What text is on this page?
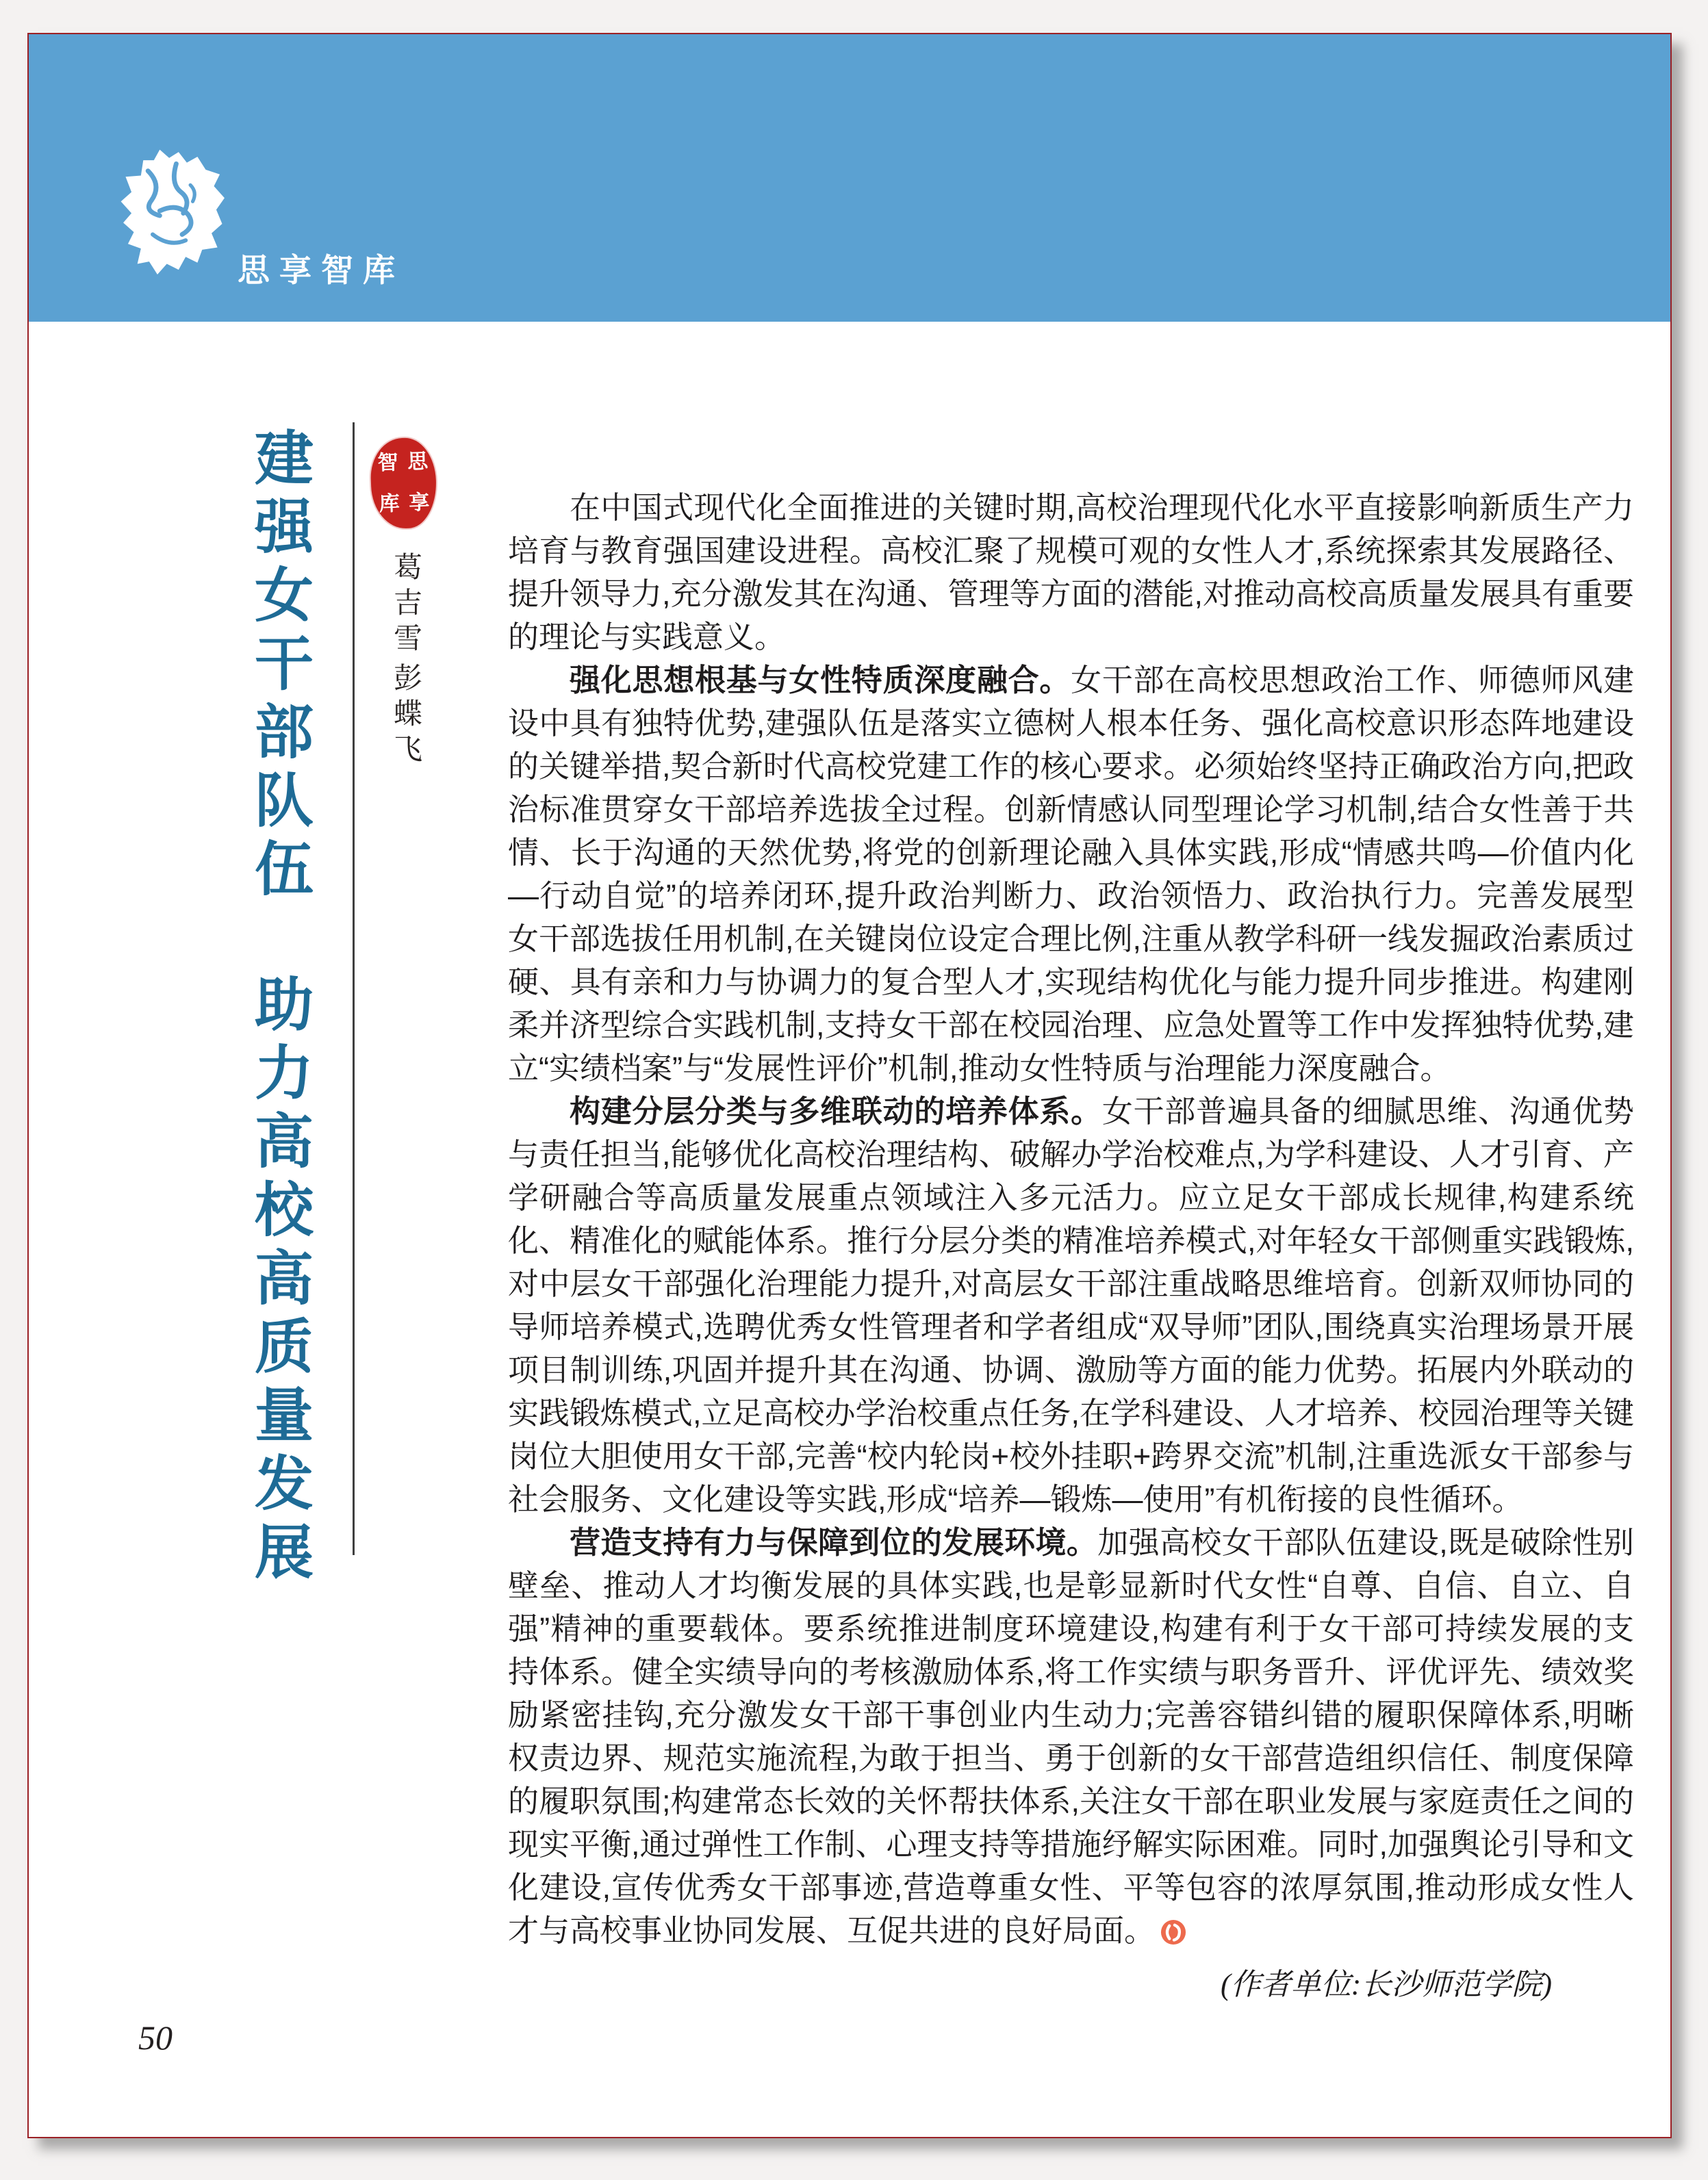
思享智库
建强女干部队伍
助力高校高质量发展
思
智
享
库
葛吉雪
彭蝶飞

在中国式现代化全面推进的关键时期,高校治理现代化水平直接影响新质生产力培育与教育强国建设进程。高校汇聚了规模可观的女性人才,系统探索其发展路径、提升领导力,充分激发其在沟通、管理等方面的潜能,对推动高校高质量发展具有重要的理论与实践意义。

强化思想根基与女性特质深度融合。女干部在高校思想政治工作、师德师风建设中具有独特优势,建强队伍是落实立德树人根本任务、强化高校意识形态阵地建设的关键举措,契合新时代高校党建工作的核心要求。必须始终坚持正确政治方向,把政治标准贯穿女干部培养选拔全过程。创新情感认同型理论学习机制,结合女性善于共情、长于沟通的天然优势,将党的创新理论融入具体实践,形成“情感共鸣—价值内化—行动自觉”的培养闭环,提升政治判断力、政治领悟力、政治执行力。完善发展型女干部选拔任用机制,在关键岗位设定合理比例,注重从教学科研一线发掘政治素质过硬、具有亲和力与协调力的复合型人才,实现结构优化与能力提升同步推进。构建刚柔并济型综合实践机制,支持女干部在校园治理、应急处置等工作中发挥独特优势,建立“实绩档案”与“发展性评价”机制,推动女性特质与治理能力深度融合。

构建分层分类与多维联动的培养体系。女干部普遍具备的细腻思维、沟通优势与责任担当,能够优化高校治理结构、破解办学治校难点,为学科建设、人才引育、产学研融合等高质量发展重点领域注入多元活力。应立足女干部成长规律,构建系统化、精准化的赋能体系。推行分层分类的精准培养模式,对年轻女干部侧重实践锻炼,对中层女干部强化治理能力提升,对高层女干部注重战略思维培育。创新双师协同的导师培养模式,选聘优秀女性管理者和学者组成“双导师”团队,围绕真实治理场景开展项目制训练,巩固并提升其在沟通、协调、激励等方面的能力优势。拓展内外联动的实践锻炼模式,立足高校办学治校重点任务,在学科建设、人才培养、校园治理等关键岗位大胆使用女干部,完善“校内轮岗+校外挂职+跨界交流”机制,注重选派女干部参与社会服务、文化建设等实践,形成“培养—锻炼—使用”有机衔接的良性循环。

营造支持有力与保障到位的发展环境。加强高校女干部队伍建设,既是破除性别壁垒、推动人才均衡发展的具体实践,也是彰显新时代女性“自尊、自信、自立、自强”精神的重要载体。要系统推进制度环境建设,构建有利于女干部可持续发展的支持体系。健全实绩导向的考核激励体系,将工作实绩与职务晋升、评优评先、绩效奖励紧密挂钩,充分激发女干部干事创业内生动力;完善容错纠错的履职保障体系,明晰权责边界、规范实施流程,为敢于担当、勇于创新的女干部营造组织信任、制度保障的履职氛围;构建常态长效的关怀帮扶体系,关注女干部在职业发展与家庭责任之间的现实平衡,通过弹性工作制、心理支持等措施纾解实际困难。同时,加强舆论引导和文化建设,宣传优秀女干部事迹,营造尊重女性、平等包容的浓厚氛围,推动形成女性人才与高校事业协同发展、互促共进的良好局面。

(作者单位:长沙师范学院)
50
